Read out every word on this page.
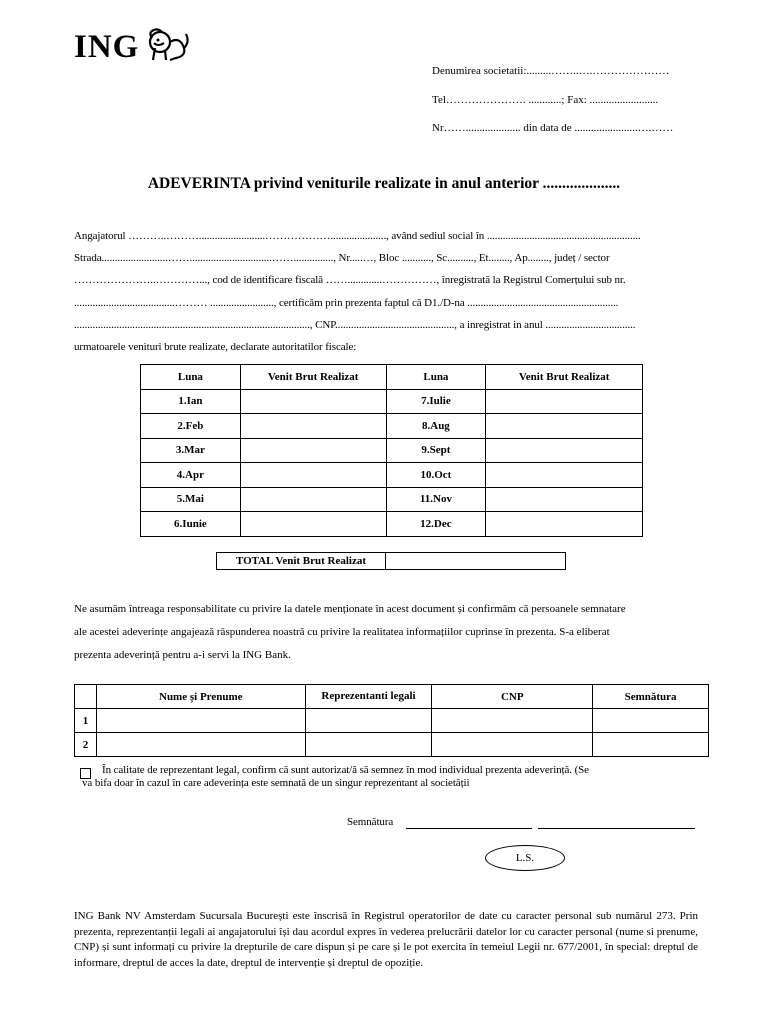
ING
Denumirea societatii:.........……..….…………………
Tel…………………. ............; Fax: .........................
Nr…….................... din data de .......................….……
ADEVERINTA privind veniturile realizate in anul anterior ....................
Angajatorul ………..……….........................………………....................., având sediul social în ..........................................................
Strada.........................……...............................……..............., Nr.....…, Bloc ..........., Sc.........., Et........, Ap........, județ / sector
…………………..…………..., cod de identificare fiscală …….............……………, înregistrată la Registrul Comerțului sub nr.
......................................……… ........................, certificăm prin prezenta faptul că D1./D-na .........................................................
........................................................................................., CNP............................................., a inregistrat in anul ..................................
urmatoarele venituri brute realizate, declarate autoritatilor fiscale:
Luna	Venit Brut Realizat	Luna	Venit Brut Realizat
1.Ian		7.Iulie	
2.Feb		8.Aug	
3.Mar		9.Sept	
4.Apr		10.Oct	
5.Mai		11.Nov	
6.Iunie		12.Dec	
TOTAL Venit Brut Realizat
Ne asumăm întreaga responsabilitate cu privire la datele menționate în acest document și confirmăm că persoanele semnatare
ale acestei adeverințe angajează răspunderea noastră cu privire la realitatea informațiilor cuprinse în prezenta. S-a eliberat
prezenta adeverință pentru a-i servi la ING Bank.
	Nume și Prenume	Reprezentanti legali	CNP	Semnătura
1				
2				
În calitate de reprezentant legal, confirm că sunt autorizat/ă să semnez în mod individual prezenta adeverință. (Se
va bifa doar în cazul în care adeverința este semnată de un singur reprezentant al societății
Semnătura
L.S.
ING Bank NV Amsterdam Sucursala București este înscrisă în Registrul operatorilor de date cu caracter personal sub numărul 273. Prin prezenta, reprezentanții legali ai angajatorului își dau acordul expres în vederea prelucrării datelor lor cu caracter personal (nume si prenume, CNP) și sunt informați cu privire la drepturile de care dispun și pe care și le pot exercita în temeiul Legii nr. 677/2001, în special: dreptul de informare, dreptul de acces la date, dreptul de intervenție și dreptul de opoziție.
